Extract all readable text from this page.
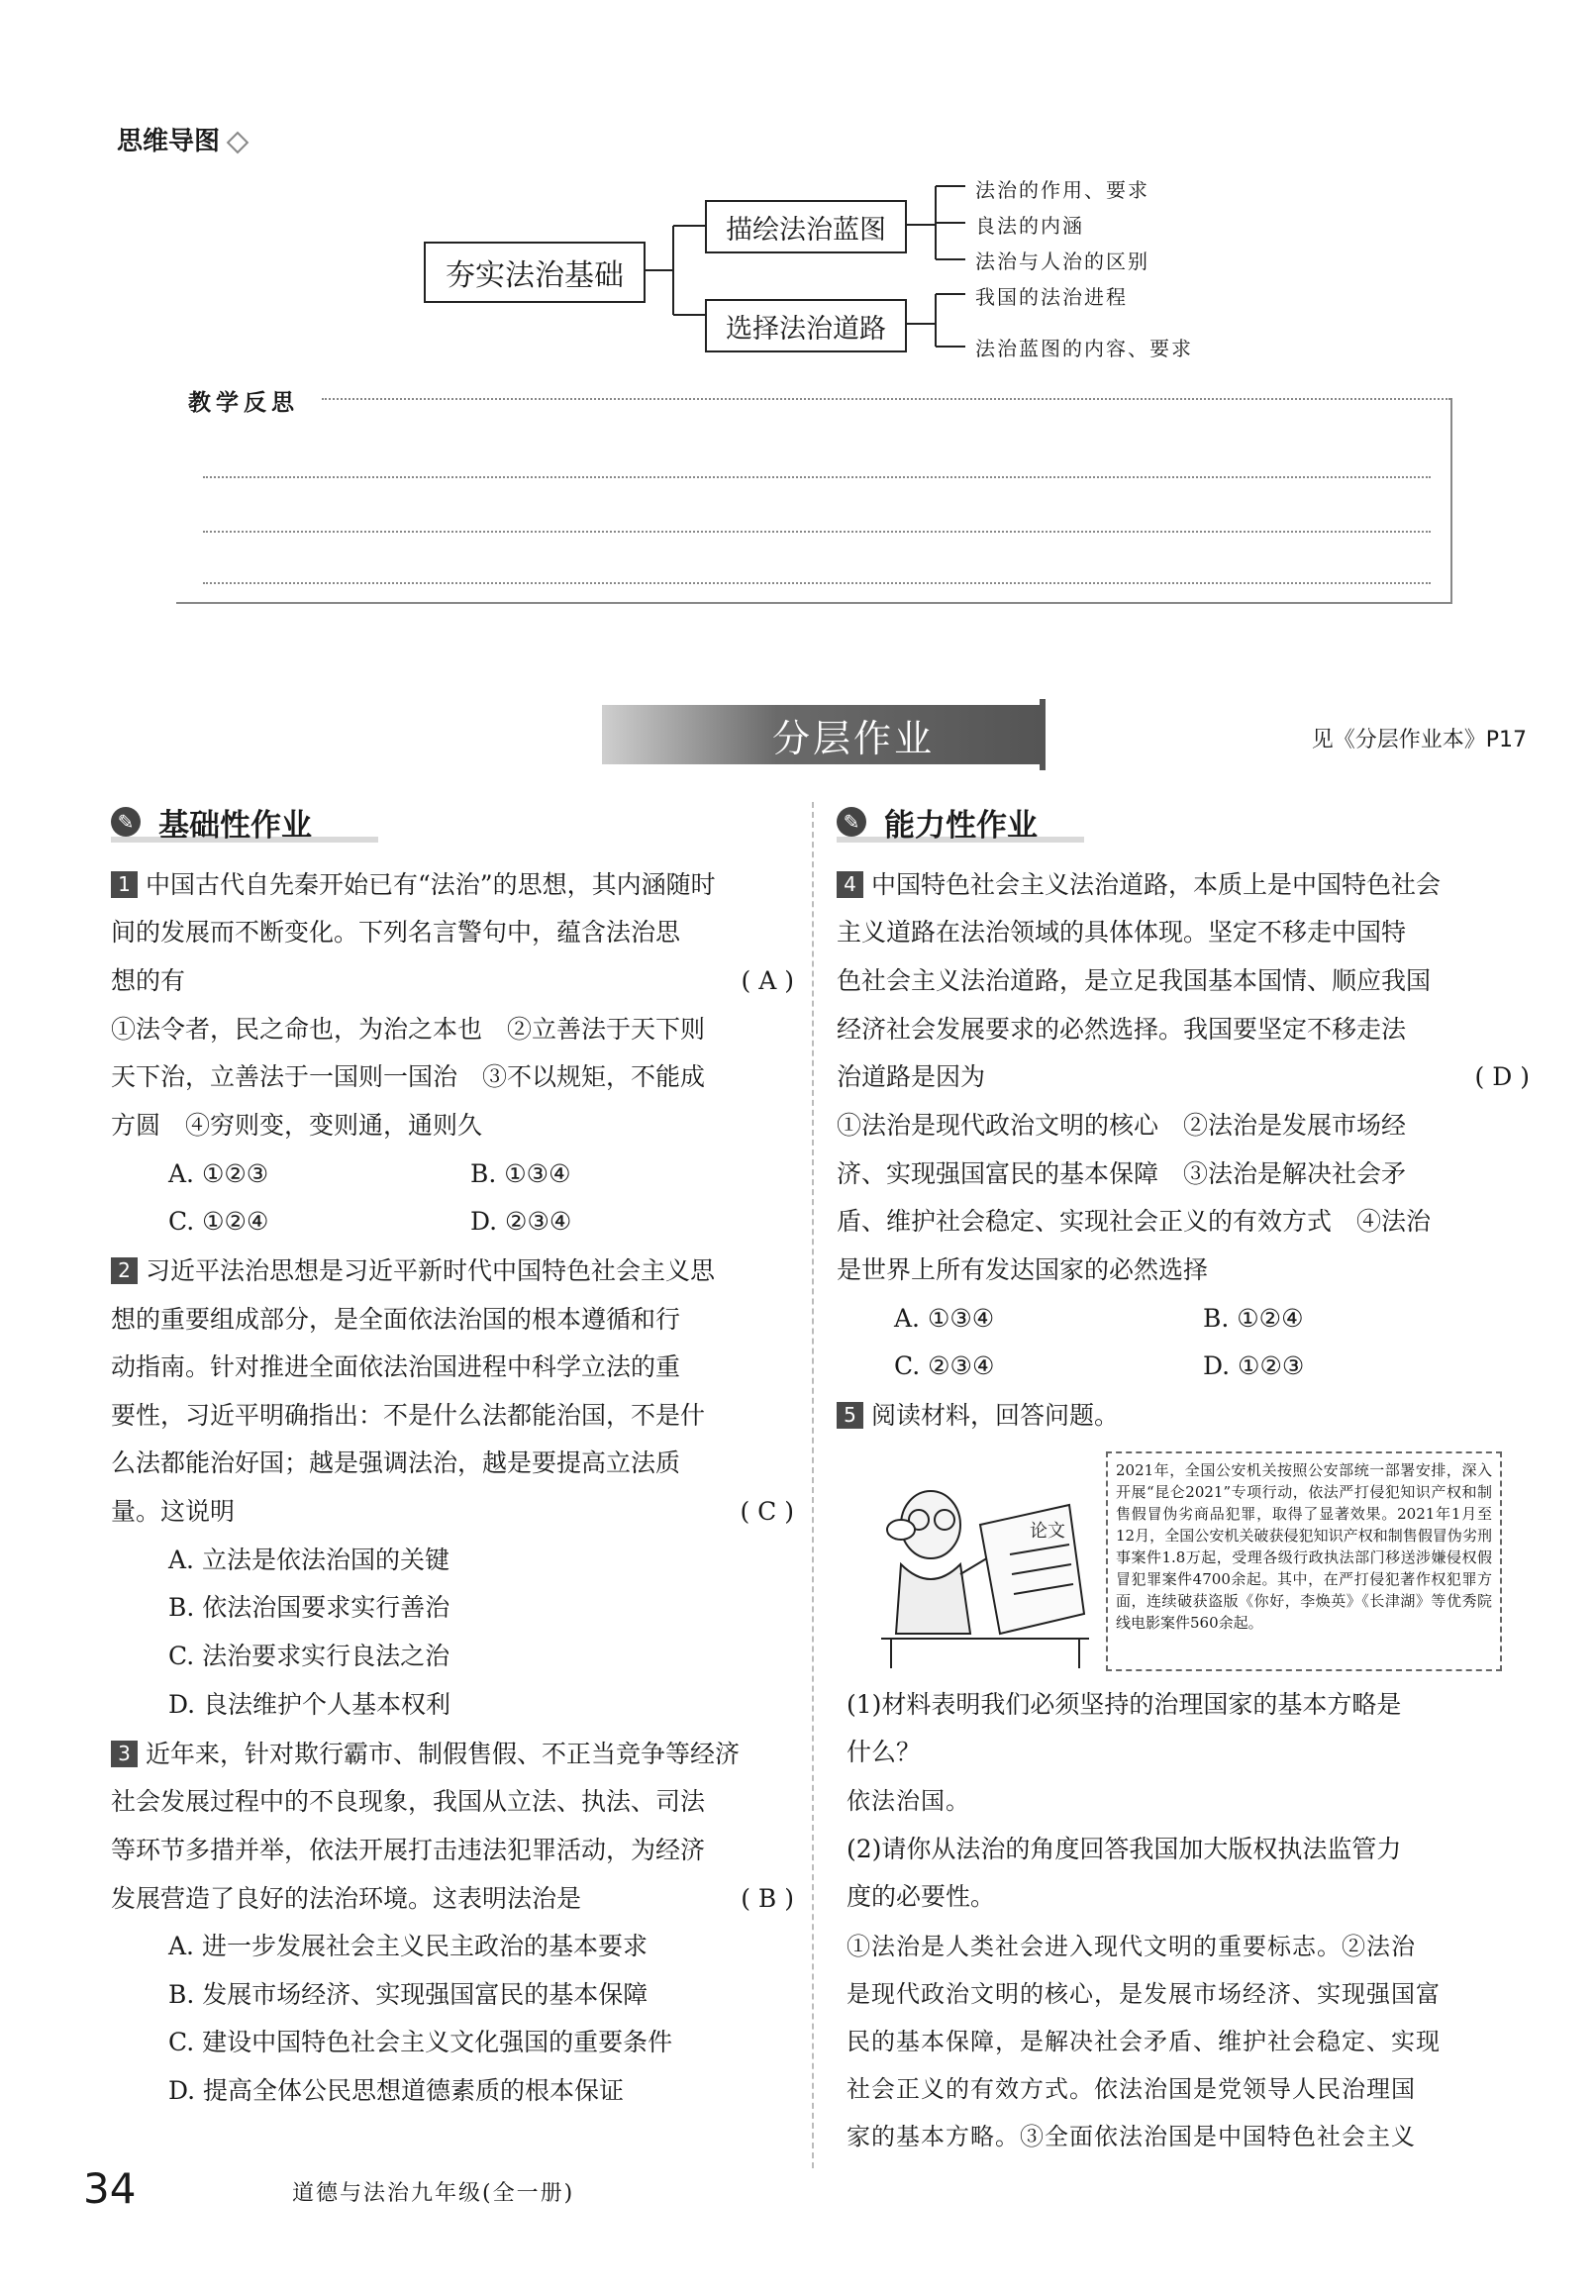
思维导图
夯实法治基础
描绘法治蓝图
选择法治道路
法治的作用、要求
良法的内涵
法治与人治的区别
我国的法治进程
法治蓝图的内容、要求
教学反思
分层作业	见《分层作业本》P17
✎ 基础性作业
1 中国古代自先秦开始已有“法治”的思想，其内涵随时
间的发展而不断变化。下列名言警句中，蕴含法治思
想的有	( A )
①法令者，民之命也，为治之本也　②立善法于天下则
天下治，立善法于一国则一国治　③不以规矩，不能成
方圆　④穷则变，变则通，通则久
A. ①②③	B. ①③④
C. ①②④	D. ②③④
2 习近平法治思想是习近平新时代中国特色社会主义思
想的重要组成部分，是全面依法治国的根本遵循和行
动指南。针对推进全面依法治国进程中科学立法的重
要性，习近平明确指出：不是什么法都能治国，不是什
么法都能治好国；越是强调法治，越是要提高立法质
量。这说明	( C )
A. 立法是依法治国的关键
B. 依法治国要求实行善治
C. 法治要求实行良法之治
D. 良法维护个人基本权利
3 近年来，针对欺行霸市、制假售假、不正当竞争等经济
社会发展过程中的不良现象，我国从立法、执法、司法
等环节多措并举，依法开展打击违法犯罪活动，为经济
发展营造了良好的法治环境。这表明法治是	( B )
A. 进一步发展社会主义民主政治的基本要求
B. 发展市场经济、实现强国富民的基本保障
C. 建设中国特色社会主义文化强国的重要条件
D. 提高全体公民思想道德素质的根本保证
✎ 能力性作业
4 中国特色社会主义法治道路，本质上是中国特色社会
主义道路在法治领域的具体体现。坚定不移走中国特
色社会主义法治道路，是立足我国基本国情、顺应我国
经济社会发展要求的必然选择。我国要坚定不移走法
治道路是因为	( D )
①法治是现代政治文明的核心　②法治是发展市场经
济、实现强国富民的基本保障　③法治是解决社会矛
盾、维护社会稳定、实现社会正义的有效方式　④法治
是世界上所有发达国家的必然选择
A. ①③④	B. ①②④
C. ②③④	D. ①②③
5 阅读材料，回答问题。
(1)材料表明我们必须坚持的治理国家的基本方略是
什么？
依法治国。
(2)请你从法治的角度回答我国加大版权执法监管力
度的必要性。
①法治是人类社会进入现代文明的重要标志。②法治
是现代政治文明的核心，是发展市场经济、实现强国富
民的基本保障，是解决社会矛盾、维护社会稳定、实现
社会正义的有效方式。依法治国是党领导人民治理国
家的基本方略。③全面依法治国是中国特色社会主义
论文
2021年，全国公安机关按照公安部统一部署安排，深入开展“昆仑2021”专项行动，依法严打侵犯知识产权和制售假冒伪劣商品犯罪，取得了显著效果。2021年1月至12月，全国公安机关破获侵犯知识产权和制售假冒伪劣刑事案件1.8万起，受理各级行政执法部门移送涉嫌侵权假冒犯罪案件4700余起。其中，在严打侵犯著作权犯罪方面，连续破获盗版《你好，李焕英》《长津湖》等优秀院线电影案件560余起。
34	道德与法治九年级(全一册)
